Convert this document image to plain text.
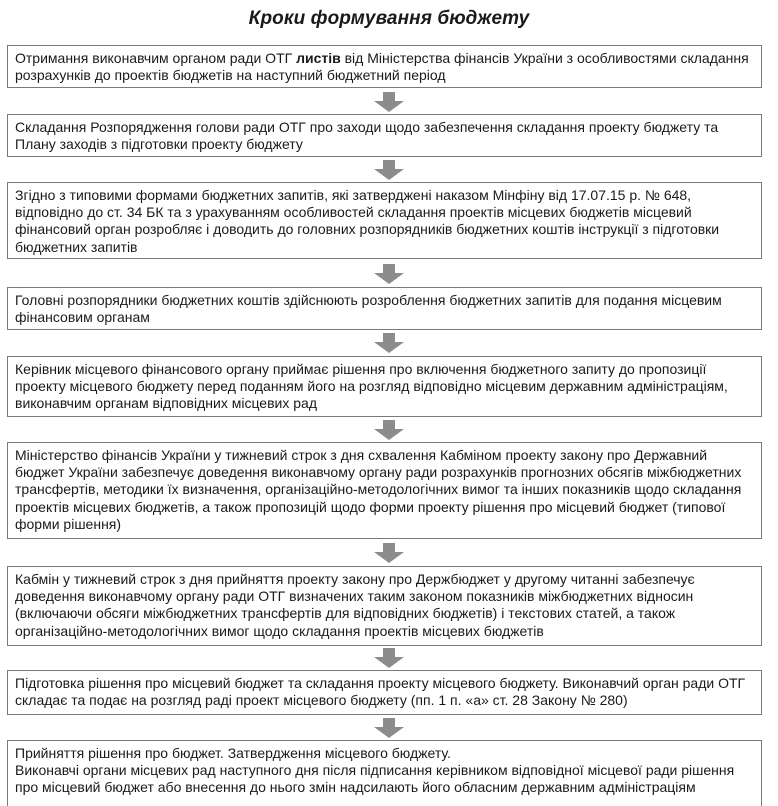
Кроки формування бюджету
Отримання виконавчим органом ради ОТГ листів від Міністерства фінансів України з особливостями складання розрахунків до проектів бюджетів на наступний бюджетний період
Складання Розпорядження голови ради ОТГ про заходи щодо забезпечення складання проекту бюджету та Плану заходів з підготовки проекту бюджету
Згідно з типовими формами бюджетних запитів, які затверджені наказом Мінфіну від 17.07.15 р. № 648, відповідно до ст. 34 БК та з урахуванням особливостей складання проектів місцевих бюджетів місцевий фінансовий орган розробляє і доводить до головних розпорядників бюджетних коштів інструкції з підготовки бюджетних запитів
Головні розпорядники бюджетних коштів здійснюють розроблення бюджетних запитів для подання місцевим фінансовим органам
Керівник місцевого фінансового органу приймає рішення про включення бюджетного запиту до пропозиції проекту місцевого бюджету перед поданням його на розгляд відповідно місцевим державним адміністраціям, виконавчим органам відповідних місцевих рад
Міністерство фінансів України у тижневий строк з дня схвалення Кабміном проекту закону про Державний бюджет України забезпечує доведення виконавчому органу ради розрахунків прогнозних обсягів міжбюджетних трансфертів, методики їх визначення, організаційно-методологічних вимог та інших показників щодо складання проектів місцевих бюджетів, а також пропозицій щодо форми проекту рішення про місцевий бюджет (типової форми рішення)
Кабмін у тижневий строк з дня прийняття проекту закону про Держбюджет у другому читанні забезпечує доведення виконавчому органу ради ОТГ визначених таким законом показників міжбюджетних відносин (включаючи обсяги міжбюджетних трансфертів для відповідних бюджетів) і текстових статей, а також організаційно-методологічних вимог щодо складання проектів місцевих бюджетів
Підготовка рішення про місцевий бюджет та складання проекту місцевого бюджету. Виконавчий орган ради ОТГ складає та подає на розгляд раді проект місцевого бюджету (пп. 1 п. «а» ст. 28 Закону № 280)
Прийняття рішення про бюджет. Затвердження місцевого бюджету.
Виконавчі органи місцевих рад наступного дня після підписання керівником відповідної місцевої ради рішення про місцевий бюджет або внесення до нього змін надсилають його обласним державним адміністраціям
